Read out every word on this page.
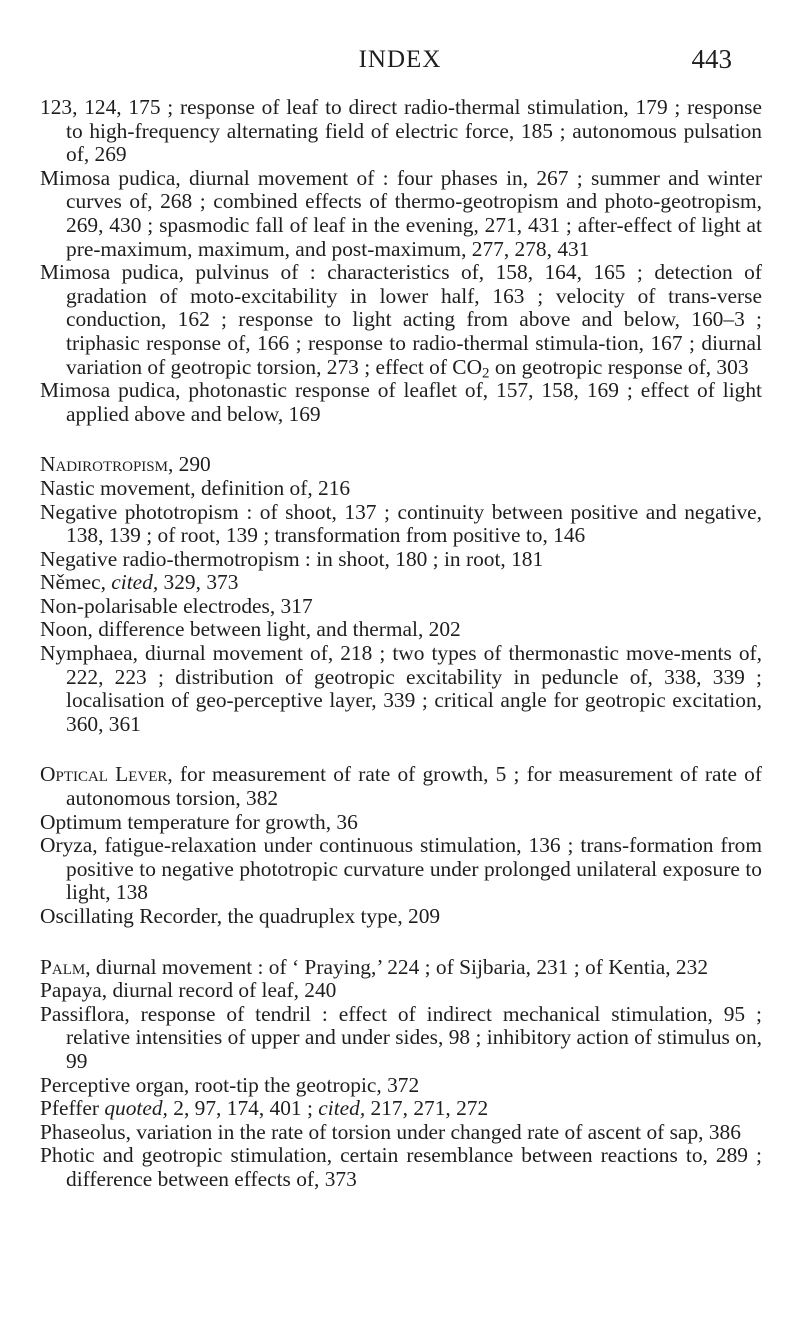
INDEX	443
123, 124, 175 ; response of leaf to direct radio-thermal stimulation, 179 ; response to high-frequency alternating field of electric force, 185 ; autonomous pulsation of, 269
Mimosa pudica, diurnal movement of : four phases in, 267 ; summer and winter curves of, 268 ; combined effects of thermo-geotropism and photo-geotropism, 269, 430 ; spasmodic fall of leaf in the evening, 271, 431 ; after-effect of light at pre-maximum, maximum, and post-maximum, 277, 278, 431
Mimosa pudica, pulvinus of : characteristics of, 158, 164, 165 ; detection of gradation of moto-excitability in lower half, 163 ; velocity of trans-verse conduction, 162 ; response to light acting from above and below, 160–3 ; triphasic response of, 166 ; response to radio-thermal stimula-tion, 167 ; diurnal variation of geotropic torsion, 273 ; effect of $CO_2$ on geotropic response of, 303
Mimosa pudica, photonastic response of leaflet of, 157, 158, 169 ; effect of light applied above and below, 169
Nadirotropism, 290
Nastic movement, definition of, 216
Negative phototropism : of shoot, 137 ; continuity between positive and negative, 138, 139 ; of root, 139 ; transformation from positive to, 146
Negative radio-thermotropism : in shoot, 180 ; in root, 181
Němec, cited, 329, 373
Non-polarisable electrodes, 317
Noon, difference between light, and thermal, 202
Nymphaea, diurnal movement of, 218 ; two types of thermonastic move-ments of, 222, 223 ; distribution of geotropic excitability in peduncle of, 338, 339 ; localisation of geo-perceptive layer, 339 ; critical angle for geotropic excitation, 360, 361
Optical Lever, for measurement of rate of growth, 5 ; for measurement of rate of autonomous torsion, 382
Optimum temperature for growth, 36
Oryza, fatigue-relaxation under continuous stimulation, 136 ; trans-formation from positive to negative phototropic curvature under prolonged unilateral exposure to light, 138
Oscillating Recorder, the quadruplex type, 209
Palm, diurnal movement : of ‘ Praying,’ 224 ; of Sijbaria, 231 ; of Kentia, 232
Papaya, diurnal record of leaf, 240
Passiflora, response of tendril : effect of indirect mechanical stimulation, 95 ; relative intensities of upper and under sides, 98 ; inhibitory action of stimulus on, 99
Perceptive organ, root-tip the geotropic, 372
Pfeffer quoted, 2, 97, 174, 401 ; cited, 217, 271, 272
Phaseolus, variation in the rate of torsion under changed rate of ascent of sap, 386
Photic and geotropic stimulation, certain resemblance between reactions to, 289 ; difference between effects of, 373
